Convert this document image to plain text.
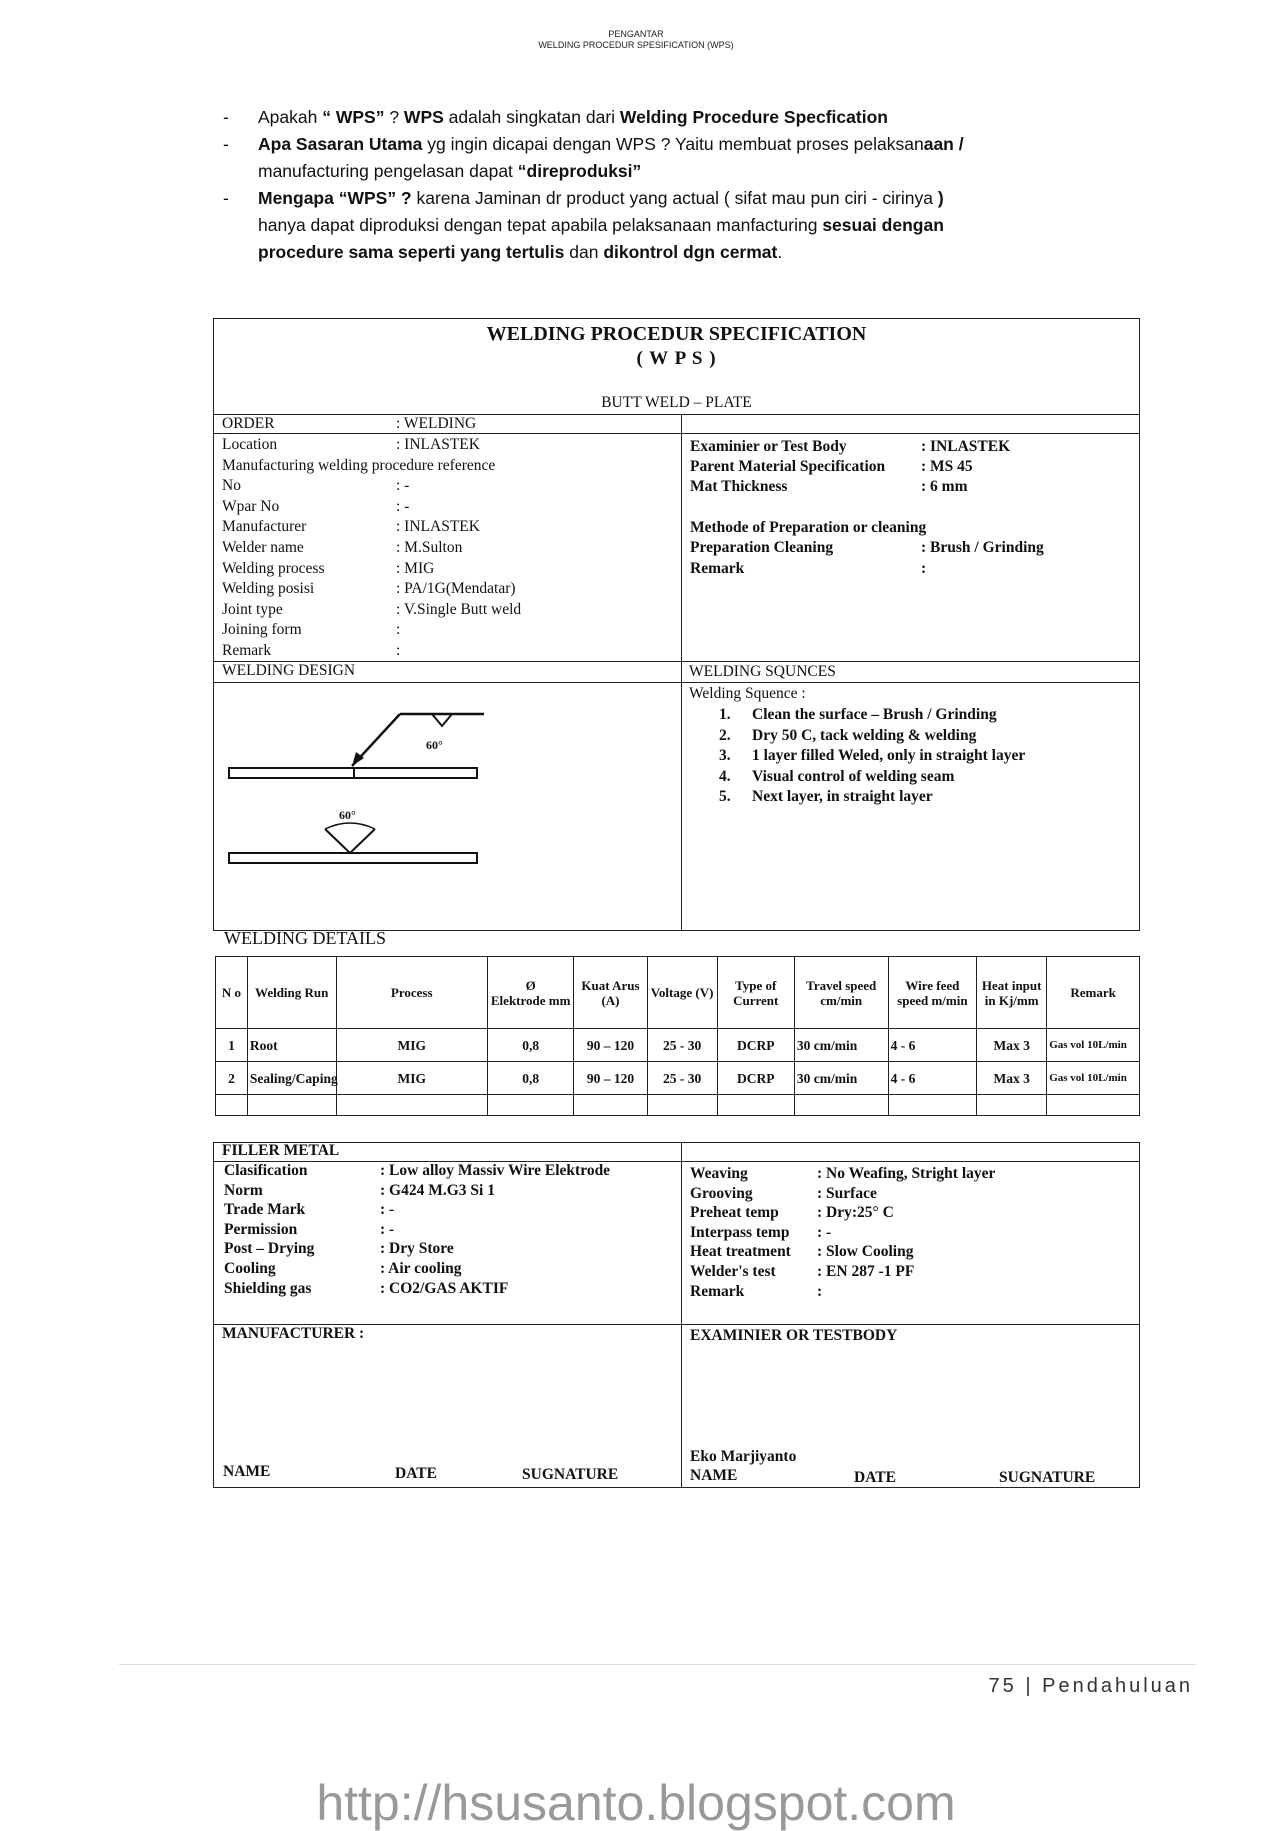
PENGANTAR
WELDING PROCEDUR SPESIFICATION (WPS)
-	Apakah “ WPS” ? WPS adalah singkatan dari Welding Procedure Specfication
-	Apa Sasaran Utama yg ingin dicapai dengan WPS ? Yaitu membuat proses pelaksanaan /
manufacturing pengelasan dapat “direproduksi”
-	Mengapa “WPS” ? karena Jaminan dr product yang actual ( sifat mau pun ciri - cirinya )
hanya dapat diproduksi dengan tepat apabila pelaksanaan manfacturing sesuai dengan
procedure sama seperti yang tertulis dan dikontrol dgn cermat.
WELDING PROCEDUR SPECIFICATION
( W P S )
BUTT WELD – PLATE
ORDER	: WELDING
Location	: INLASTEK
Manufacturing welding procedure reference
No	: -
Wpar No	: -
Manufacturer	: INLASTEK
Welder name	: M.Sulton
Welding process	: MIG
Welding posisi	: PA/1G(Mendatar)
Joint type	: V.Single Butt weld
Joining form	:
Remark	:
Examinier or Test Body	: INLASTEK
Parent Material Specification : MS 45
Mat Thickness	: 6 mm
Methode of Preparation or cleaning
Preparation Cleaning	: Brush / Grinding
Remark	:
WELDING DESIGN	WELDING SQUNCES
60°
60°
Welding Squence :
1. Clean the surface – Brush / Grinding
2. Dry 50 C, tack welding & welding
3. 1 layer filled Weled, only in straight layer
4. Visual control of welding seam
5. Next layer, in straight layer
WELDING DETAILS
N o	Welding Run	Process	Ø
Elektrode mm	Kuat Arus (A)	Voltage (V)	Type of Current	Travel speed cm/min	Wire feed speed m/min	Heat input in Kj/mm	Remark
1	Root	MIG	0,8	90 – 120	25 - 30	DCRP	30 cm/min	4 - 6	Max 3	Gas vol 10L/min
2	Sealing/Caping	MIG	0,8	90 – 120	25 - 30	DCRP	30 cm/min	4 - 6	Max 3	Gas vol 10L/min

FILLER METAL
Clasification	: Low alloy Massiv Wire Elektrode
Norm	: G424 M.G3 Si 1
Trade Mark	: -
Permission	: -
Post – Drying	: Dry Store
Cooling	: Air cooling
Shielding gas	: CO2/GAS AKTIF
Weaving	: No Weafing, Stright layer
Grooving	: Surface
Preheat temp : Dry:25° C
Interpass temp : -
Heat treatment : Slow Cooling
Welder's test	: EN 287 -1 PF
Remark	:
MANUFACTURER :	EXAMINIER OR TESTBODY
Eko Marjiyanto
NAME	DATE	SUGNATURE	NAME	DATE	SUGNATURE
75 | Pendahuluan
http://hsusanto.blogspot.com
